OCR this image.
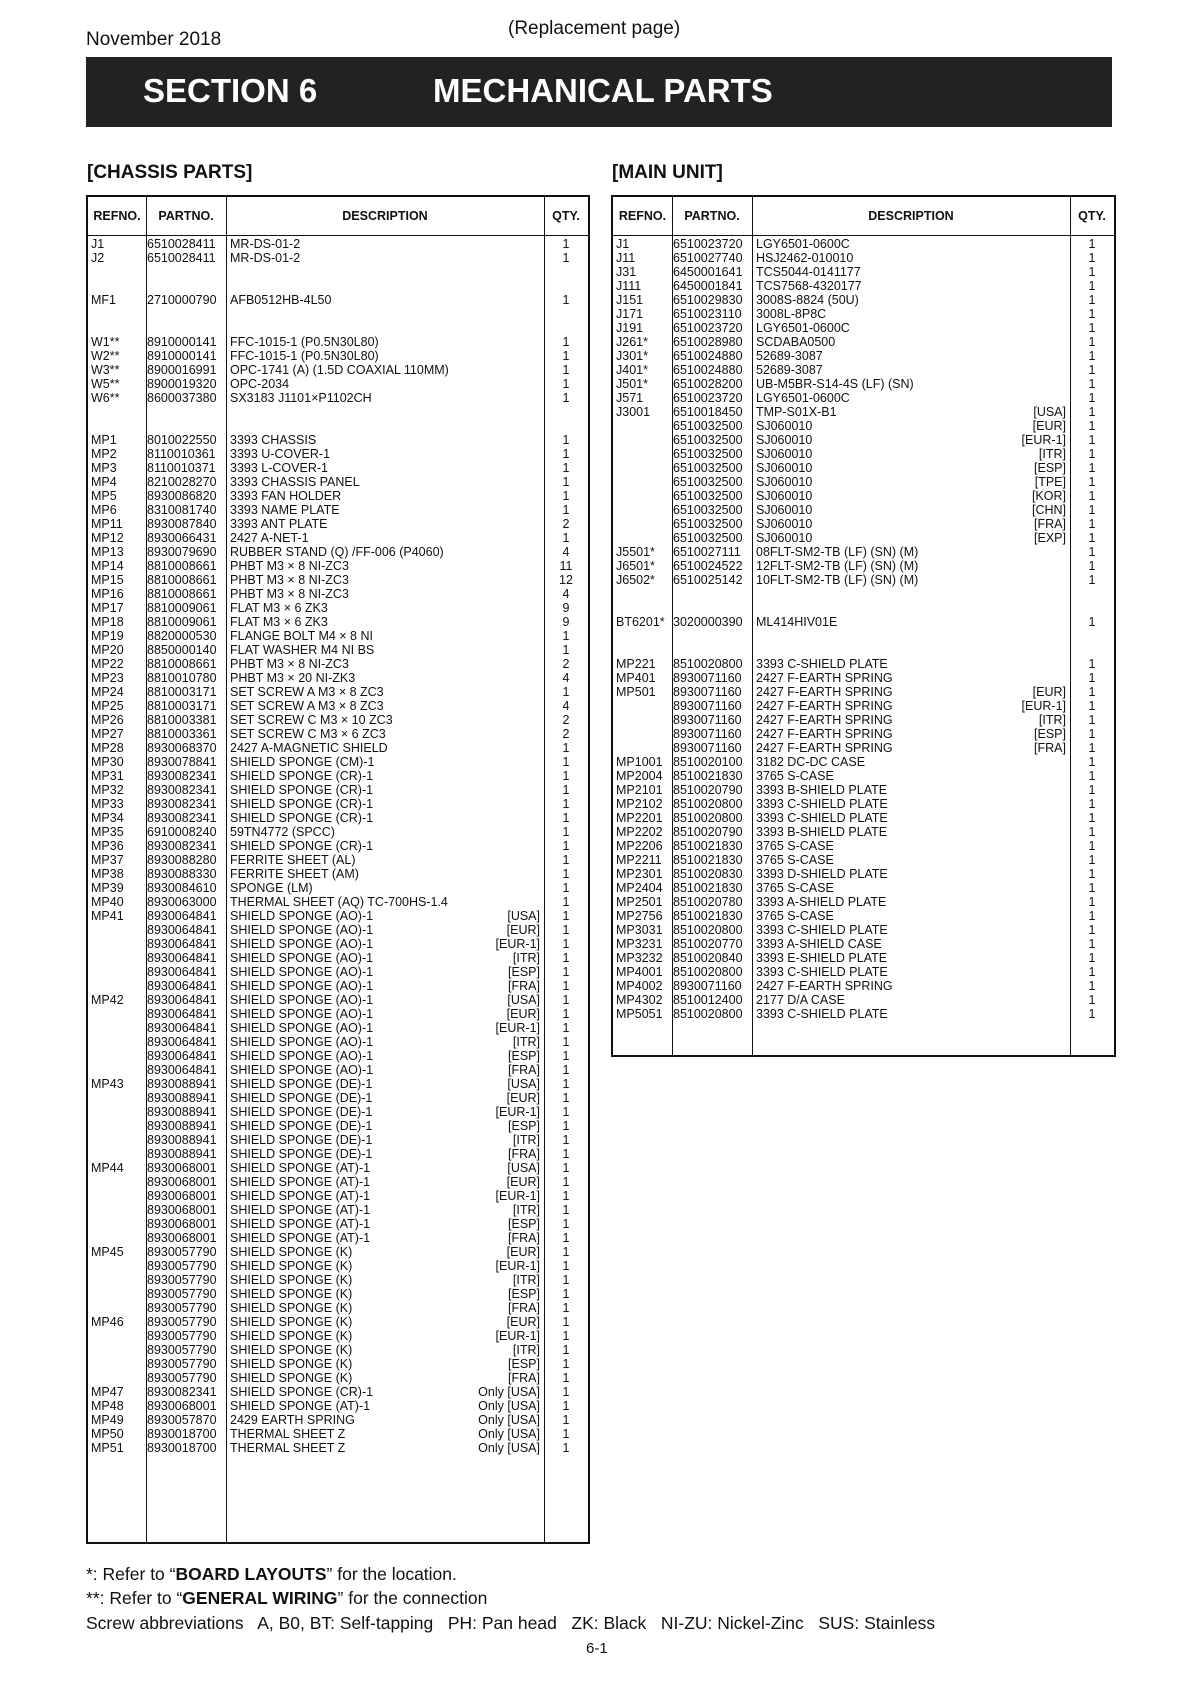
November 2018
(Replacement page)
SECTION 6	MECHANICAL PARTS
[CHASSIS PARTS]	[MAIN UNIT]
REF NO. PART NO.	DESCRIPTION	QTY.
J1	6510028411 MR-DS-01-2	1
J2	6510028411 MR-DS-01-2	1
MF1 2710000790 AFB0512HB-4L50	1
W1** 8910000141 FFC-1015-1 (P0.5N30L80)	1
W2** 8910000141 FFC-1015-1 (P0.5N30L80)	1
W3** 8900016991 OPC-1741 (A) (1.5D COAXIAL 110MM)	1
W5** 8900019320 OPC-2034	1
W6** 8600037380 SX3183 J1101×P1102CH	1
MP1 8010022550 3393 CHASSIS	1
MP2 8110010361 3393 U-COVER-1	1
MP3 8110010371 3393 L-COVER-1	1
MP4 8210028270 3393 CHASSIS PANEL	1
MP5 8930086820 3393 FAN HOLDER	1
MP6 8310081740 3393 NAME PLATE	1
MP11 8930087840 3393 ANT PLATE	2
MP12 8930066431 2427 A-NET-1	1
MP13 8930079690 RUBBER STAND (Q) /FF-006 (P4060)	4
MP14 8810008661 PHBT M3 × 8 NI-ZC3	11
MP15 8810008661 PHBT M3 × 8 NI-ZC3	12
MP16 8810008661 PHBT M3 × 8 NI-ZC3	4
MP17 8810009061 FLAT M3 × 6 ZK3	9
MP18 8810009061 FLAT M3 × 6 ZK3	9
MP19 8820000530 FLANGE BOLT M4 × 8 NI	1
MP20 8850000140 FLAT WASHER M4 NI BS	1
MP22 8810008661 PHBT M3 × 8 NI-ZC3	2
MP23 8810010780 PHBT M3 × 20 NI-ZK3	4
MP24 8810003171 SET SCREW A M3 × 8 ZC3	1
MP25 8810003171 SET SCREW A M3 × 8 ZC3	4
MP26 8810003381 SET SCREW C M3 × 10 ZC3	2
MP27 8810003361 SET SCREW C M3 × 6 ZC3	2
MP28 8930068370 2427 A-MAGNETIC SHIELD	1
MP30 8930078841 SHIELD SPONGE (CM)-1	1
MP31 8930082341 SHIELD SPONGE (CR)-1	1
MP32 8930082341 SHIELD SPONGE (CR)-1	1
MP33 8930082341 SHIELD SPONGE (CR)-1	1
MP34 8930082341 SHIELD SPONGE (CR)-1	1
MP35 6910008240 59TN4772 (SPCC)	1
MP36 8930082341 SHIELD SPONGE (CR)-1	1
MP37 8930088280 FERRITE SHEET (AL)	1
MP38 8930088330 FERRITE SHEET (AM)	1
MP39 8930084610 SPONGE (LM)	1
MP40 8930063000 THERMAL SHEET (AQ) TC-700HS-1.4	1
MP41 8930064841 SHIELD SPONGE (AO)-1	[USA]	1
8930064841 SHIELD SPONGE (AO)-1	[EUR]	1
8930064841 SHIELD SPONGE (AO)-1	[EUR-1]	1
8930064841 SHIELD SPONGE (AO)-1	[ITR]	1
8930064841 SHIELD SPONGE (AO)-1	[ESP]	1
8930064841 SHIELD SPONGE (AO)-1	[FRA]	1
MP42 8930064841 SHIELD SPONGE (AO)-1	[USA]	1
8930064841 SHIELD SPONGE (AO)-1	[EUR]	1
8930064841 SHIELD SPONGE (AO)-1	[EUR-1]	1
8930064841 SHIELD SPONGE (AO)-1	[ITR]	1
8930064841 SHIELD SPONGE (AO)-1	[ESP]	1
8930064841 SHIELD SPONGE (AO)-1	[FRA]	1
MP43 8930088941 SHIELD SPONGE (DE)-1	[USA]	1
8930088941 SHIELD SPONGE (DE)-1	[EUR]	1
8930088941 SHIELD SPONGE (DE)-1	[EUR-1]	1
8930088941 SHIELD SPONGE (DE)-1	[ESP]	1
8930088941 SHIELD SPONGE (DE)-1	[ITR]	1
8930088941 SHIELD SPONGE (DE)-1	[FRA]	1
MP44 8930068001 SHIELD SPONGE (AT)-1	[USA]	1
8930068001 SHIELD SPONGE (AT)-1	[EUR]	1
8930068001 SHIELD SPONGE (AT)-1	[EUR-1]	1
8930068001 SHIELD SPONGE (AT)-1	[ITR]	1
8930068001 SHIELD SPONGE (AT)-1	[ESP]	1
8930068001 SHIELD SPONGE (AT)-1	[FRA]	1
MP45 8930057790 SHIELD SPONGE (K)	[EUR]	1
8930057790 SHIELD SPONGE (K)	[EUR-1]	1
8930057790 SHIELD SPONGE (K)	[ITR]	1
8930057790 SHIELD SPONGE (K)	[ESP]	1
8930057790 SHIELD SPONGE (K)	[FRA]	1
MP46 8930057790 SHIELD SPONGE (K)	[EUR]	1
8930057790 SHIELD SPONGE (K)	[EUR-1]	1
8930057790 SHIELD SPONGE (K)	[ITR]	1
8930057790 SHIELD SPONGE (K)	[ESP]	1
8930057790 SHIELD SPONGE (K)	[FRA]	1
MP47 8930082341 SHIELD SPONGE (CR)-1	Only [USA]	1
MP48 8930068001 SHIELD SPONGE (AT)-1	Only [USA]	1
MP49 8930057870 2429 EARTH SPRING	Only [USA]	1
MP50 8930018700 THERMAL SHEET Z	Only [USA]	1
MP51 8930018700 THERMAL SHEET Z	Only [USA]	1
REF NO. PART NO.	DESCRIPTION	QTY.
J1	6510023720 LGY6501-0600C	1
J11	6510027740 HSJ2462-010010	1
J31	6450001641 TCS5044-0141177	1
J111	6450001841 TCS7568-4320177	1
J151 6510029830 3008S-8824 (50U)	1
J171 6510023110 3008L-8P8C	1
J191 6510023720 LGY6501-0600C	1
J261* 6510028980 SCDABA0500	1
J301* 6510024880 52689-3087	1
J401* 6510024880 52689-3087	1
J501* 6510028200 UB-M5BR-S14-4S (LF) (SN)	1
J571 6510023720 LGY6501-0600C	1
J3001 6510018450 TMP-S01X-B1	[USA]	1
6510032500 SJ060010	[EUR]	1
6510032500 SJ060010	[EUR-1]	1
6510032500 SJ060010	[ITR]	1
6510032500 SJ060010	[ESP]	1
6510032500 SJ060010	[TPE]	1
6510032500 SJ060010	[KOR]	1
6510032500 SJ060010	[CHN]	1
6510032500 SJ060010	[FRA]	1
6510032500 SJ060010	[EXP]	1
J5501* 6510027111 08FLT-SM2-TB (LF) (SN) (M)	1
J6501* 6510024522 12FLT-SM2-TB (LF) (SN) (M)	1
J6502* 6510025142 10FLT-SM2-TB (LF) (SN) (M)	1
BT6201* 3020000390 ML414HIV01E	1
MP221 8510020800 3393 C-SHIELD PLATE	1
MP401 8930071160 2427 F-EARTH SPRING	1
MP501 8930071160 2427 F-EARTH SPRING	[EUR]	1
8930071160 2427 F-EARTH SPRING	[EUR-1]	1
8930071160 2427 F-EARTH SPRING	[ITR]	1
8930071160 2427 F-EARTH SPRING	[ESP]	1
8930071160 2427 F-EARTH SPRING	[FRA]	1
MP1001 8510020100 3182 DC-DC CASE	1
MP2004 8510021830 3765 S-CASE	1
MP2101 8510020790 3393 B-SHIELD PLATE	1
MP2102 8510020800 3393 C-SHIELD PLATE	1
MP2201 8510020800 3393 C-SHIELD PLATE	1
MP2202 8510020790 3393 B-SHIELD PLATE	1
MP2206 8510021830 3765 S-CASE	1
MP2211 8510021830 3765 S-CASE	1
MP2301 8510020830 3393 D-SHIELD PLATE	1
MP2404 8510021830 3765 S-CASE	1
MP2501 8510020780 3393 A-SHIELD PLATE	1
MP2756 8510021830 3765 S-CASE	1
MP3031 8510020800 3393 C-SHIELD PLATE	1
MP3231 8510020770 3393 A-SHIELD CASE	1
MP3232 8510020840 3393 E-SHIELD PLATE	1
MP4001 8510020800 3393 C-SHIELD PLATE	1
MP4002 8930071160 2427 F-EARTH SPRING	1
MP4302 8510012400 2177 D/A CASE	1
MP5051 8510020800 3393 C-SHIELD PLATE	1
*: Refer to “BOARD LAYOUTS” for the location.
**: Refer to “GENERAL WIRING” for the connection
Screw abbreviations   A, B0, BT: Self-tapping   PH: Pan head   ZK: Black   NI-ZU: Nickel-Zinc   SUS: Stainless
6-1
